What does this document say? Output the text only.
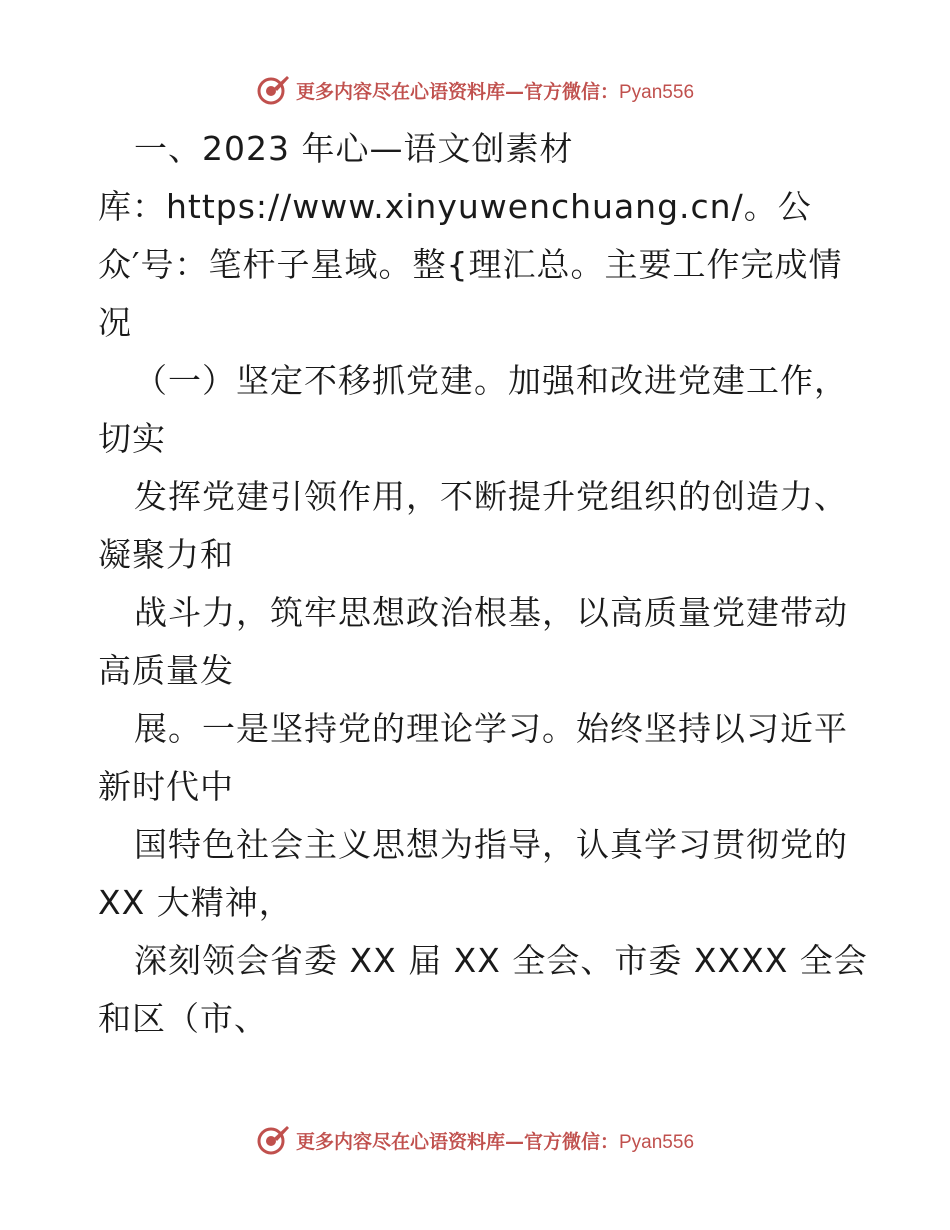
更多内容尽在心语资料库—官方微信：Pyan556
一、2023 年心—语文创素材
库：https://www.xinyuwenchuang.cn/。公
众′号：笔杆子星域。整{理汇总。主要工作完成情
况
（一）坚定不移抓党建。加强和改进党建工作，
切实
发挥党建引领作用，不断提升党组织的创造力、
凝聚力和
战斗力，筑牢思想政治根基，以高质量党建带动
高质量发
展。一是坚持党的理论学习。始终坚持以习近平
新时代中
国特色社会主义思想为指导，认真学习贯彻党的
XX 大精神，
深刻领会省委 XX 届 XX 全会、市委 XXXX 全会
和区（市、
更多内容尽在心语资料库—官方微信：Pyan556
